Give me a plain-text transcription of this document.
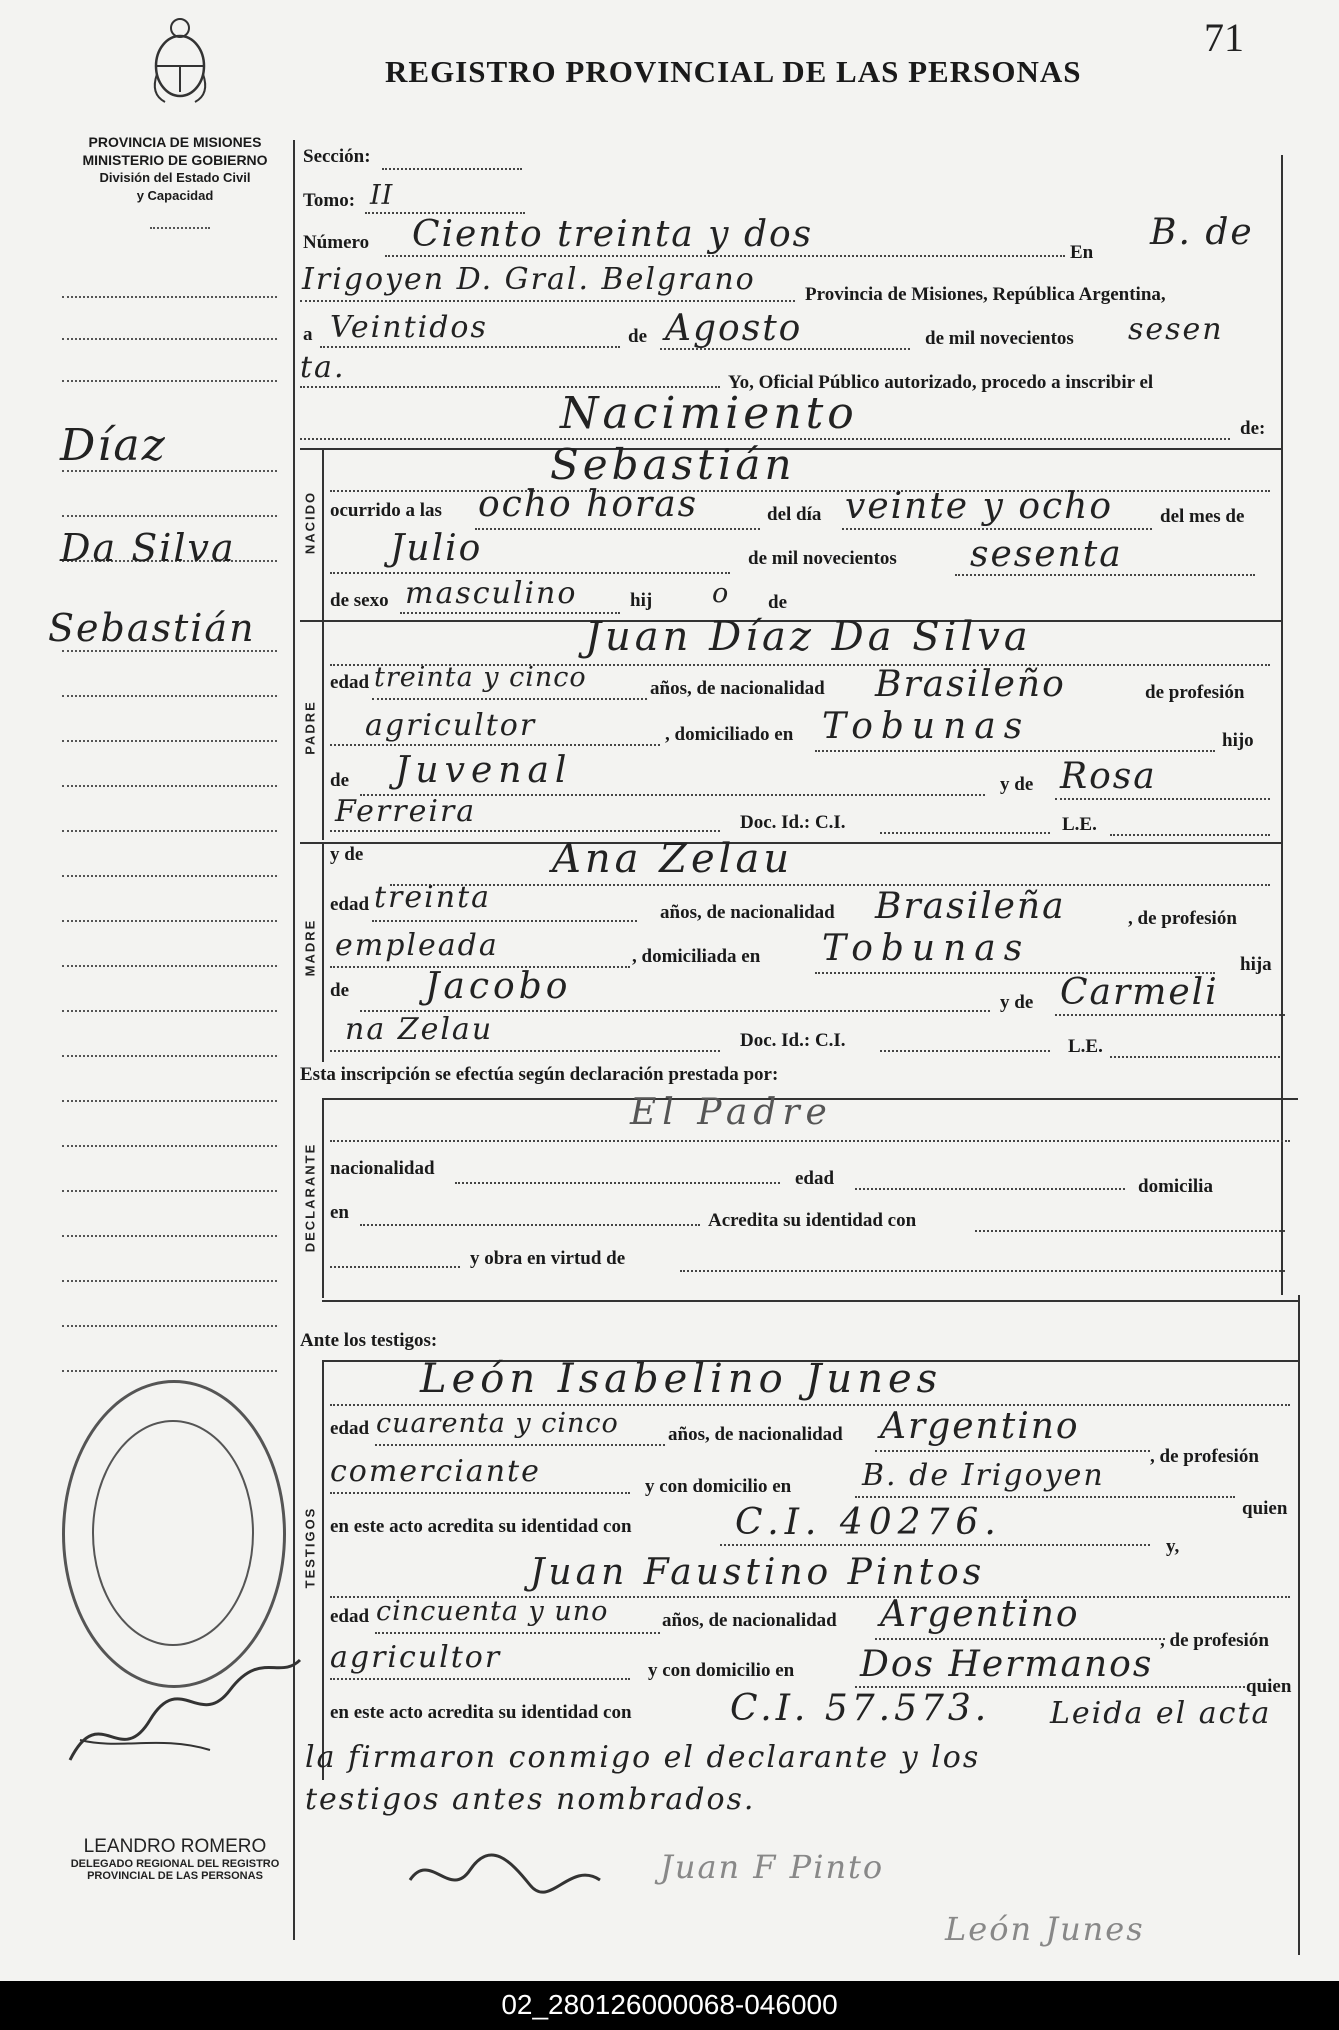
71
REGISTRO PROVINCIAL DE LAS PERSONAS
PROVINCIA DE MISIONES
MINISTERIO DE GOBIERNO
División del Estado Civil
y Capacidad
Díaz
Da Silva
Sebastián
LEANDRO ROMERO
DELEGADO REGIONAL DEL REGISTRO
PROVINCIAL DE LAS PERSONAS
Sección:
Tomo: II
Número Ciento treinta y dos	En B. de
Irigoyen D. Gral. Belgrano	Provincia de Misiones, República Argentina,
a Veintidos	de Agosto	de mil novecientos sesen
ta.	Yo, Oficial Público autorizado, procedo a inscribir el
Nacimiento	de:
NACIDO
Sebastián
ocurrido a las ocho horas	del día veinte y ocho del mes de
Julio	de mil novecientos sesenta
de sexo masculino	hij o de
PADRE
Juan Díaz Da Silva
edad treinta y cinco	años, de nacionalidad Brasileño	de profesión
agricultor	, domiciliado en Tobunas	hijo
de Juvenal	y de Rosa
Ferreira	Doc. Id.: C.I.	L.E.
MADRE
y de	Ana Zelau
edad treinta	años, de nacionalidad Brasileña	, de profesión
empleada	, domiciliada en Tobunas	hija
de Jacobo	y de Carmeli
na Zelau	Doc. Id.: C.I.	L.E.
Esta inscripción se efectúa según declaración prestada por:
DECLARANTE
El Padre
nacionalidad	edad	domicilia
en	Acredita su identidad con
y obra en virtud de
Ante los testigos:
TESTIGOS
León Isabelino Junes
edad cuarenta y cinco	años, de nacionalidad Argentino
, de profesión
comerciante	y con domicilio en B. de Irigoyen
quien
en este acto acredita su identidad con	C.I. 40276.
y,
Juan Faustino Pintos
edad cincuenta y uno	años, de nacionalidad Argentino
, de profesión
agricultor	y con domicilio en Dos Hermanos
quien
en este acto acredita su identidad con	C.I. 57.573. Leida el acta
la firmaron conmigo el declarante y los
testigos antes nombrados.
Juan F Pinto
León Junes
02_280126000068-046000
